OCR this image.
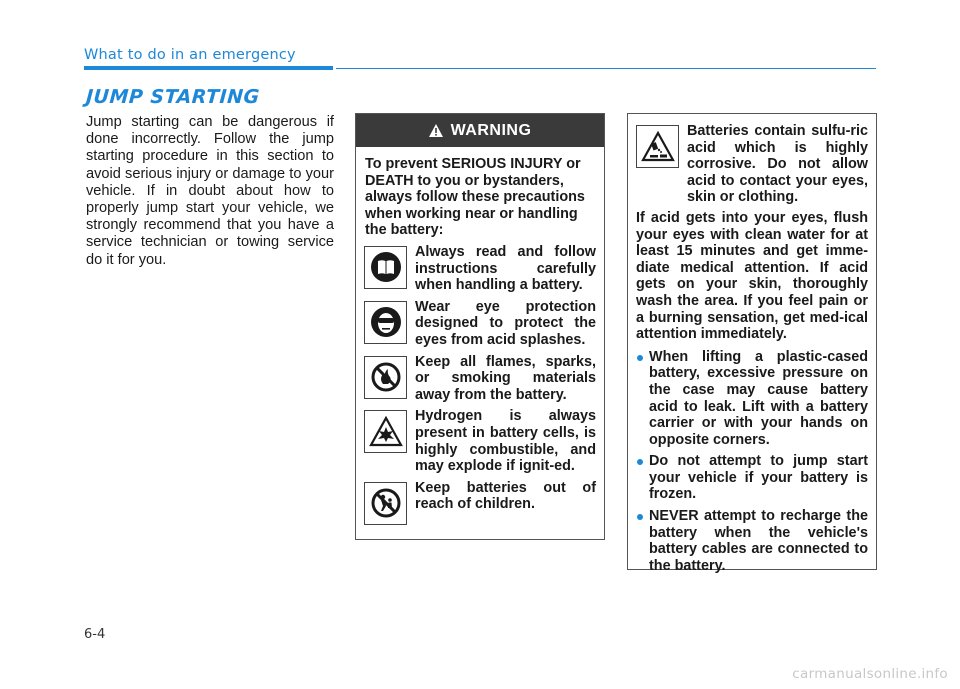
What to do in an emergency
JUMP STARTING

Jump starting can be dangerous if done incorrectly. Follow the jump starting procedure in this section to avoid serious injury or damage to your vehicle. If in doubt about how to properly jump start your vehicle, we strongly recommend that you have a service technician or towing service do it for you.

WARNING
To prevent SERIOUS INJURY or DEATH to you or bystanders, always follow these precautions when working near or handling the battery:
Always read and follow instructions carefully when handling a battery.
Wear eye protection designed to protect the eyes from acid splashes.
Keep all flames, sparks, or smoking materials away from the battery.
Hydrogen is always present in battery cells, is highly combustible, and may explode if ignit-ed.
Keep batteries out of reach of children.
Batteries contain sulfu-ric acid which is highly corrosive. Do not allow acid to contact your eyes, skin or clothing.
If acid gets into your eyes, flush your eyes with clean water for at least 15 minutes and get imme-diate medical attention. If acid gets on your skin, thoroughly wash the area. If you feel pain or a burning sensation, get med-ical attention immediately.
When lifting a plastic-cased battery, excessive pressure on the case may cause battery acid to leak. Lift with a battery carrier or with your hands on opposite corners.
Do not attempt to jump start your vehicle if your battery is frozen.
NEVER attempt to recharge the battery when the vehicle's battery cables are connected to the battery.
6-4
carmanualsonline.info
